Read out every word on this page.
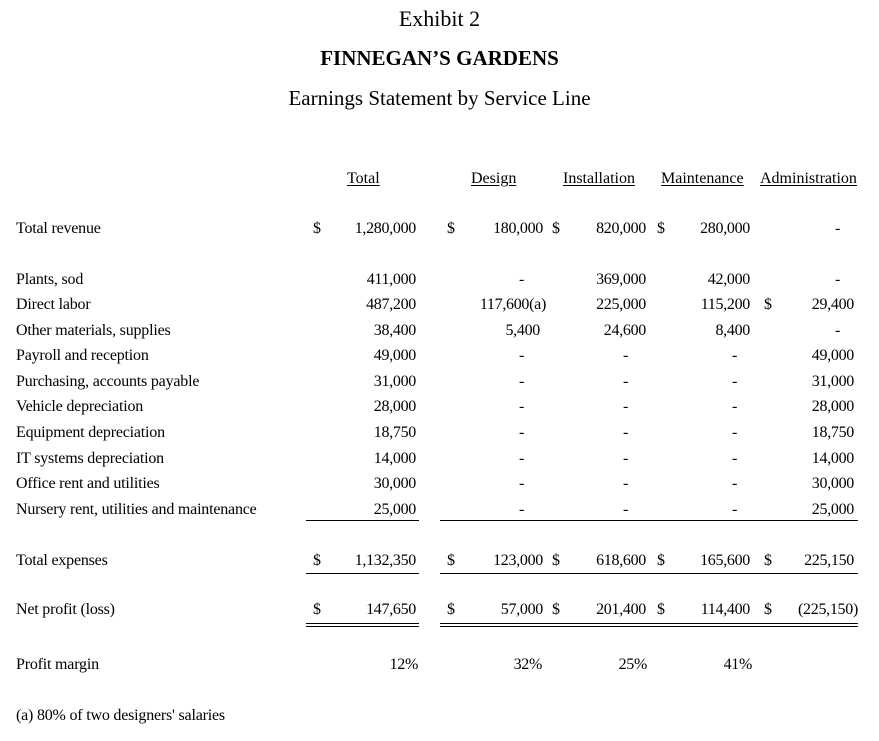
Exhibit 2
FINNEGAN’S GARDENS
Earnings Statement by Service Line
Total	Design	Installation Maintenance Administration
Total revenue	$	1,280,000 $	180,000 $	820,000 $	280,000	-
Plants, sod	411,000	-	369,000	42,000	-
Direct labor	487,200	117,600(a)	225,000	115,200 $	29,400
Other materials, supplies	38,400	5,400	24,600	8,400	-
Payroll and reception	49,000	-	-	-	49,000
Purchasing, accounts payable	31,000	-	-	-	31,000
Vehicle depreciation	28,000	-	-	-	28,000
Equipment depreciation	18,750	-	-	-	18,750
IT systems depreciation	14,000	-	-	-	14,000
Office rent and utilities	30,000	-	-	-	30,000
Nursery rent, utilities and maintenance	25,000	-	-	-	25,000
Total expenses	$	1,132,350 $	123,000 $	618,600 $	165,600 $	225,150
Net profit (loss)	$	147,650 $	57,000 $	201,400 $	114,400 $	(225,150)
Profit margin	12%	32%	25%	41%
(a) 80% of two designers' salaries
